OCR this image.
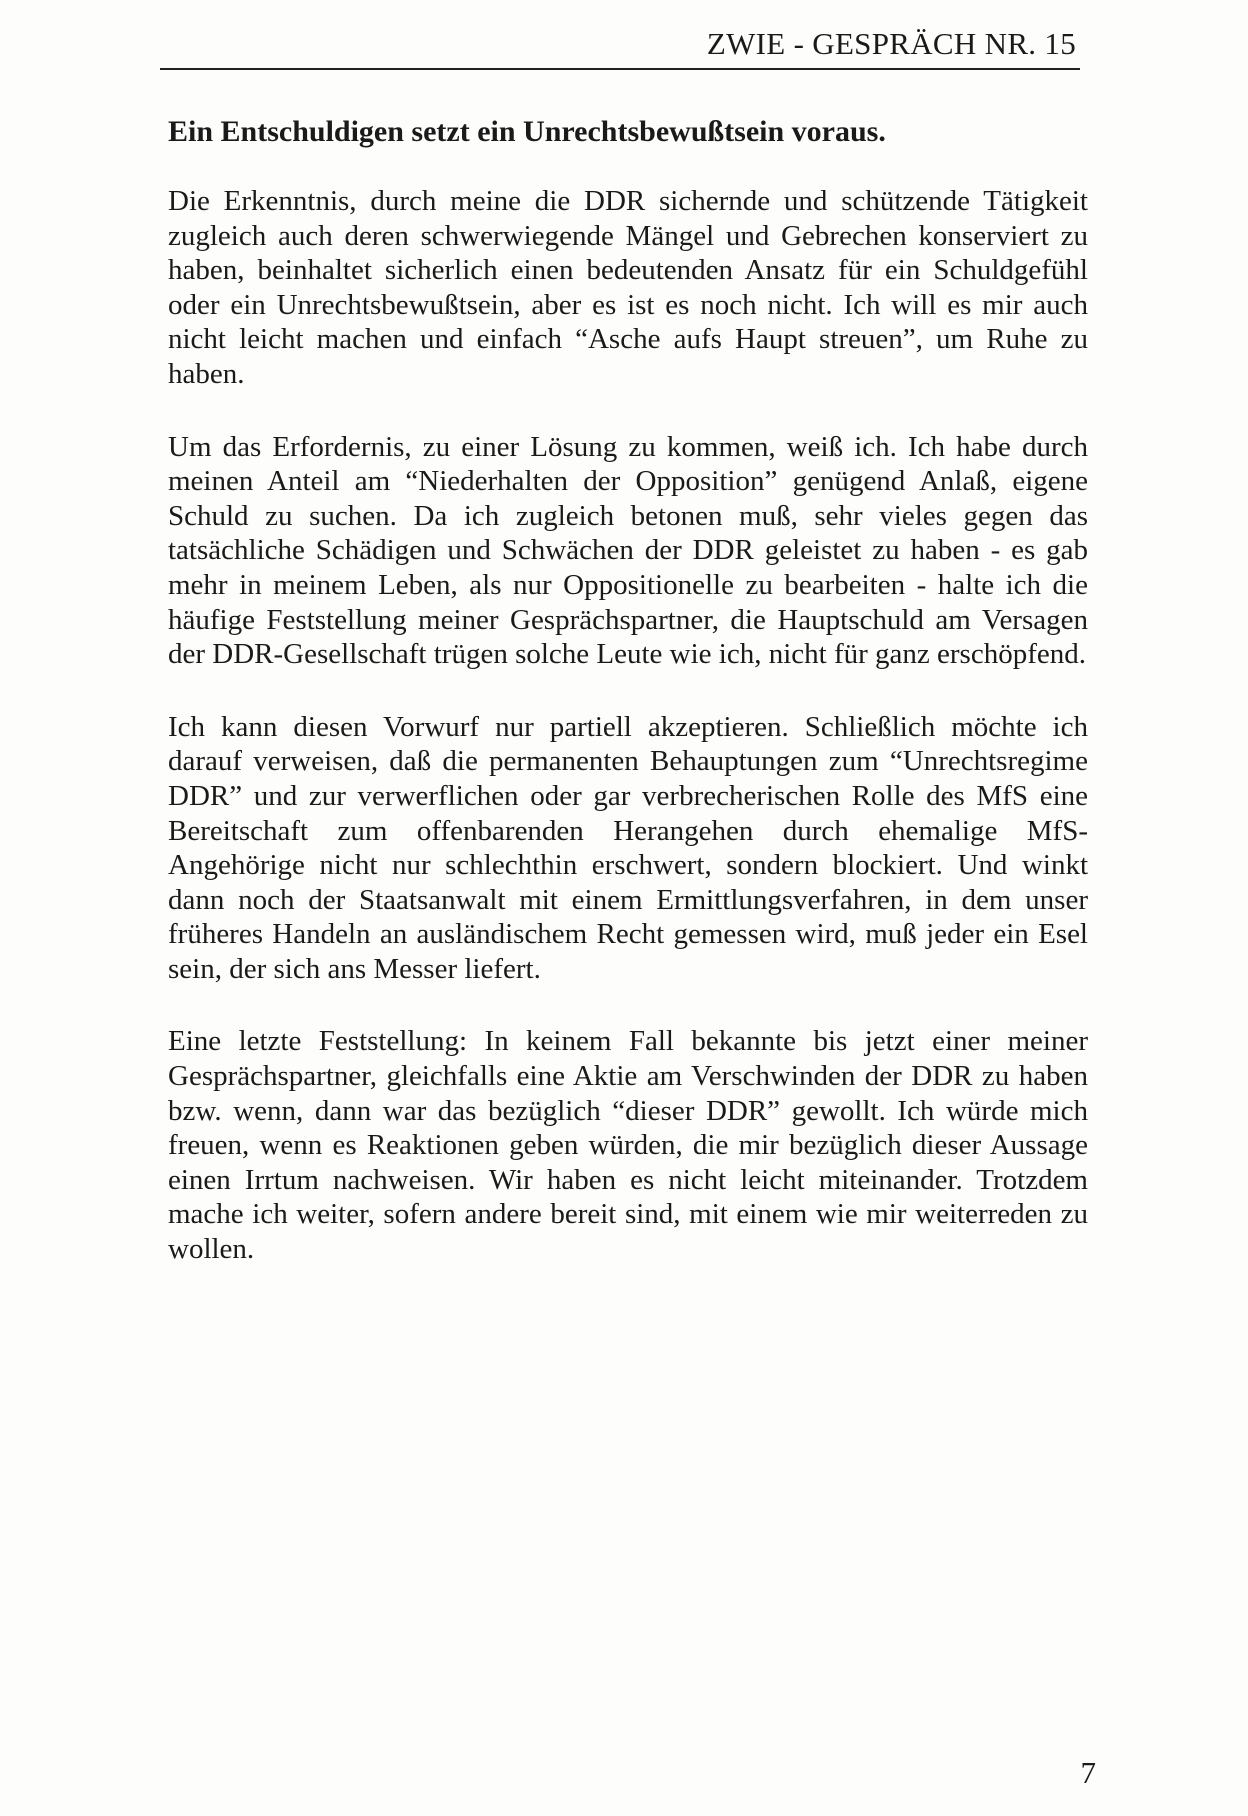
ZWIE - GESPRÄCH NR. 15
Ein Entschuldigen setzt ein Unrechtsbewußtsein voraus.

Die Erkenntnis, durch meine die DDR sichernde und schützende Tätigkeit zugleich auch deren schwerwiegende Mängel und Gebrechen konserviert zu haben, beinhaltet sicherlich einen bedeutenden Ansatz für ein Schuldgefühl oder ein Unrechtsbewußtsein, aber es ist es noch nicht. Ich will es mir auch nicht leicht machen und einfach “Asche aufs Haupt streuen”, um Ruhe zu haben.

Um das Erfordernis, zu einer Lösung zu kommen, weiß ich. Ich habe durch meinen Anteil am “Niederhalten der Opposition” genügend Anlaß, eigene Schuld zu suchen. Da ich zugleich betonen muß, sehr vieles gegen das tatsächliche Schädigen und Schwächen der DDR geleistet zu haben - es gab mehr in meinem Leben, als nur Oppositionelle zu bearbeiten - halte ich die häufige Feststellung meiner Gesprächspartner, die Hauptschuld am Versagen der DDR-Gesellschaft trügen solche Leute wie ich, nicht für ganz erschöpfend.

Ich kann diesen Vorwurf nur partiell akzeptieren. Schließlich möchte ich darauf verweisen, daß die permanenten Behauptungen zum “Unrechtsregime DDR” und zur verwerflichen oder gar verbrecherischen Rolle des MfS eine Bereitschaft zum offenbarenden Herangehen durch ehemalige MfS-Angehörige nicht nur schlechthin erschwert, sondern blockiert. Und winkt dann noch der Staatsanwalt mit einem Ermittlungsverfahren, in dem unser früheres Handeln an ausländischem Recht gemessen wird, muß jeder ein Esel sein, der sich ans Messer liefert.

Eine letzte Feststellung: In keinem Fall bekannte bis jetzt einer meiner Gesprächspartner, gleichfalls eine Aktie am Verschwinden der DDR zu haben bzw. wenn, dann war das bezüglich “dieser DDR” gewollt. Ich würde mich freuen, wenn es Reaktionen geben würden, die mir bezüglich dieser Aussage einen Irrtum nachweisen. Wir haben es nicht leicht miteinander. Trotzdem mache ich weiter, sofern andere bereit sind, mit einem wie mir weiterreden zu wollen.

7
